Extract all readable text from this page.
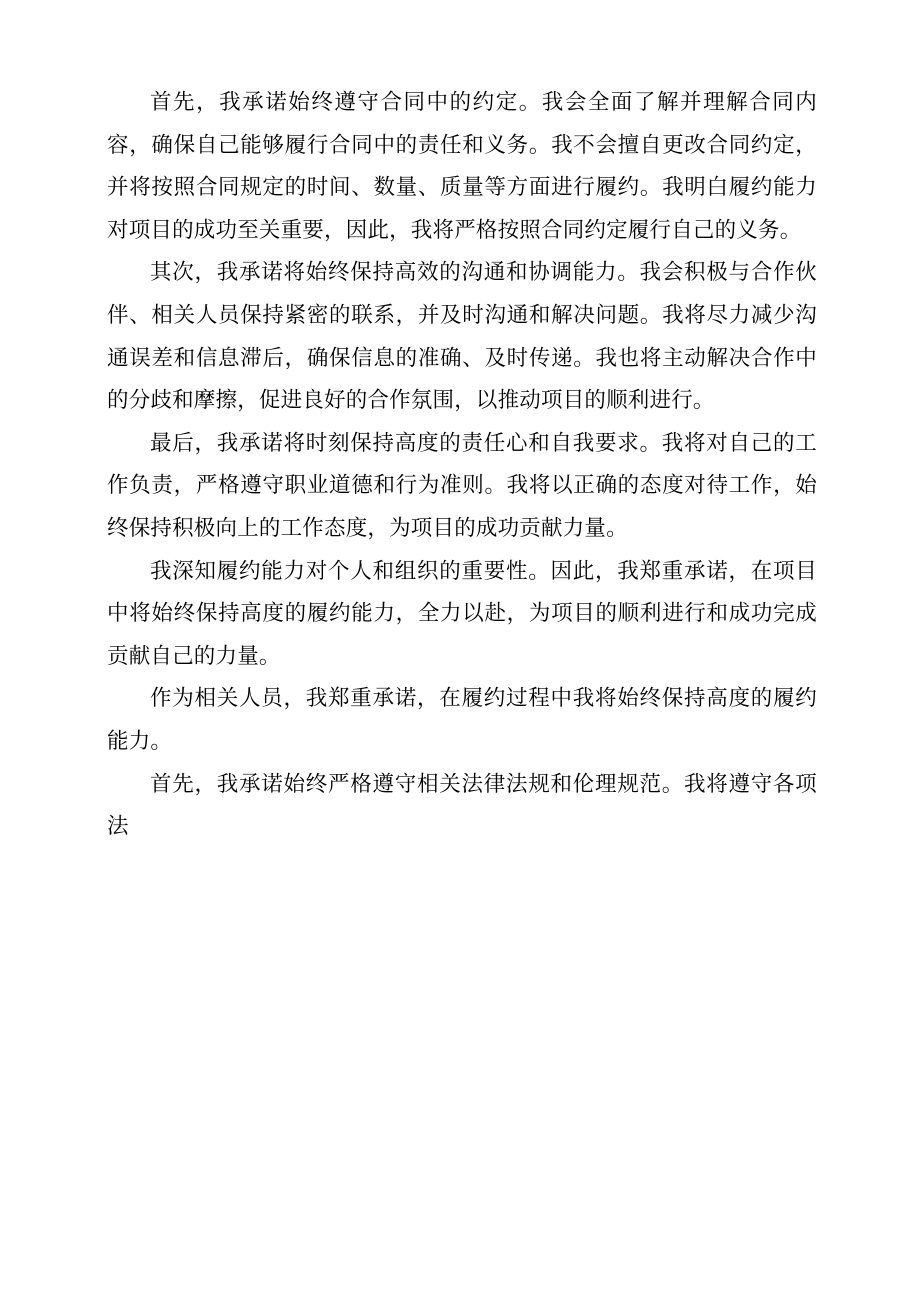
首先，我承诺始终遵守合同中的约定。我会全面了解并理解合同内容，确保自己能够履行合同中的责任和义务。我不会擅自更改合同约定，并将按照合同规定的时间、数量、质量等方面进行履约。我明白履约能力对项目的成功至关重要，因此，我将严格按照合同约定履行自己的义务。

其次，我承诺将始终保持高效的沟通和协调能力。我会积极与合作伙伴、相关人员保持紧密的联系，并及时沟通和解决问题。我将尽力减少沟通误差和信息滞后，确保信息的准确、及时传递。我也将主动解决合作中的分歧和摩擦，促进良好的合作氛围，以推动项目的顺利进行。

最后，我承诺将时刻保持高度的责任心和自我要求。我将对自己的工作负责，严格遵守职业道德和行为准则。我将以正确的态度对待工作，始终保持积极向上的工作态度，为项目的成功贡献力量。

我深知履约能力对个人和组织的重要性。因此，我郑重承诺，在项目中将始终保持高度的履约能力，全力以赴，为项目的顺利进行和成功完成贡献自己的力量。

作为相关人员，我郑重承诺，在履约过程中我将始终保持高度的履约能力。

首先，我承诺始终严格遵守相关法律法规和伦理规范。我将遵守各项法
